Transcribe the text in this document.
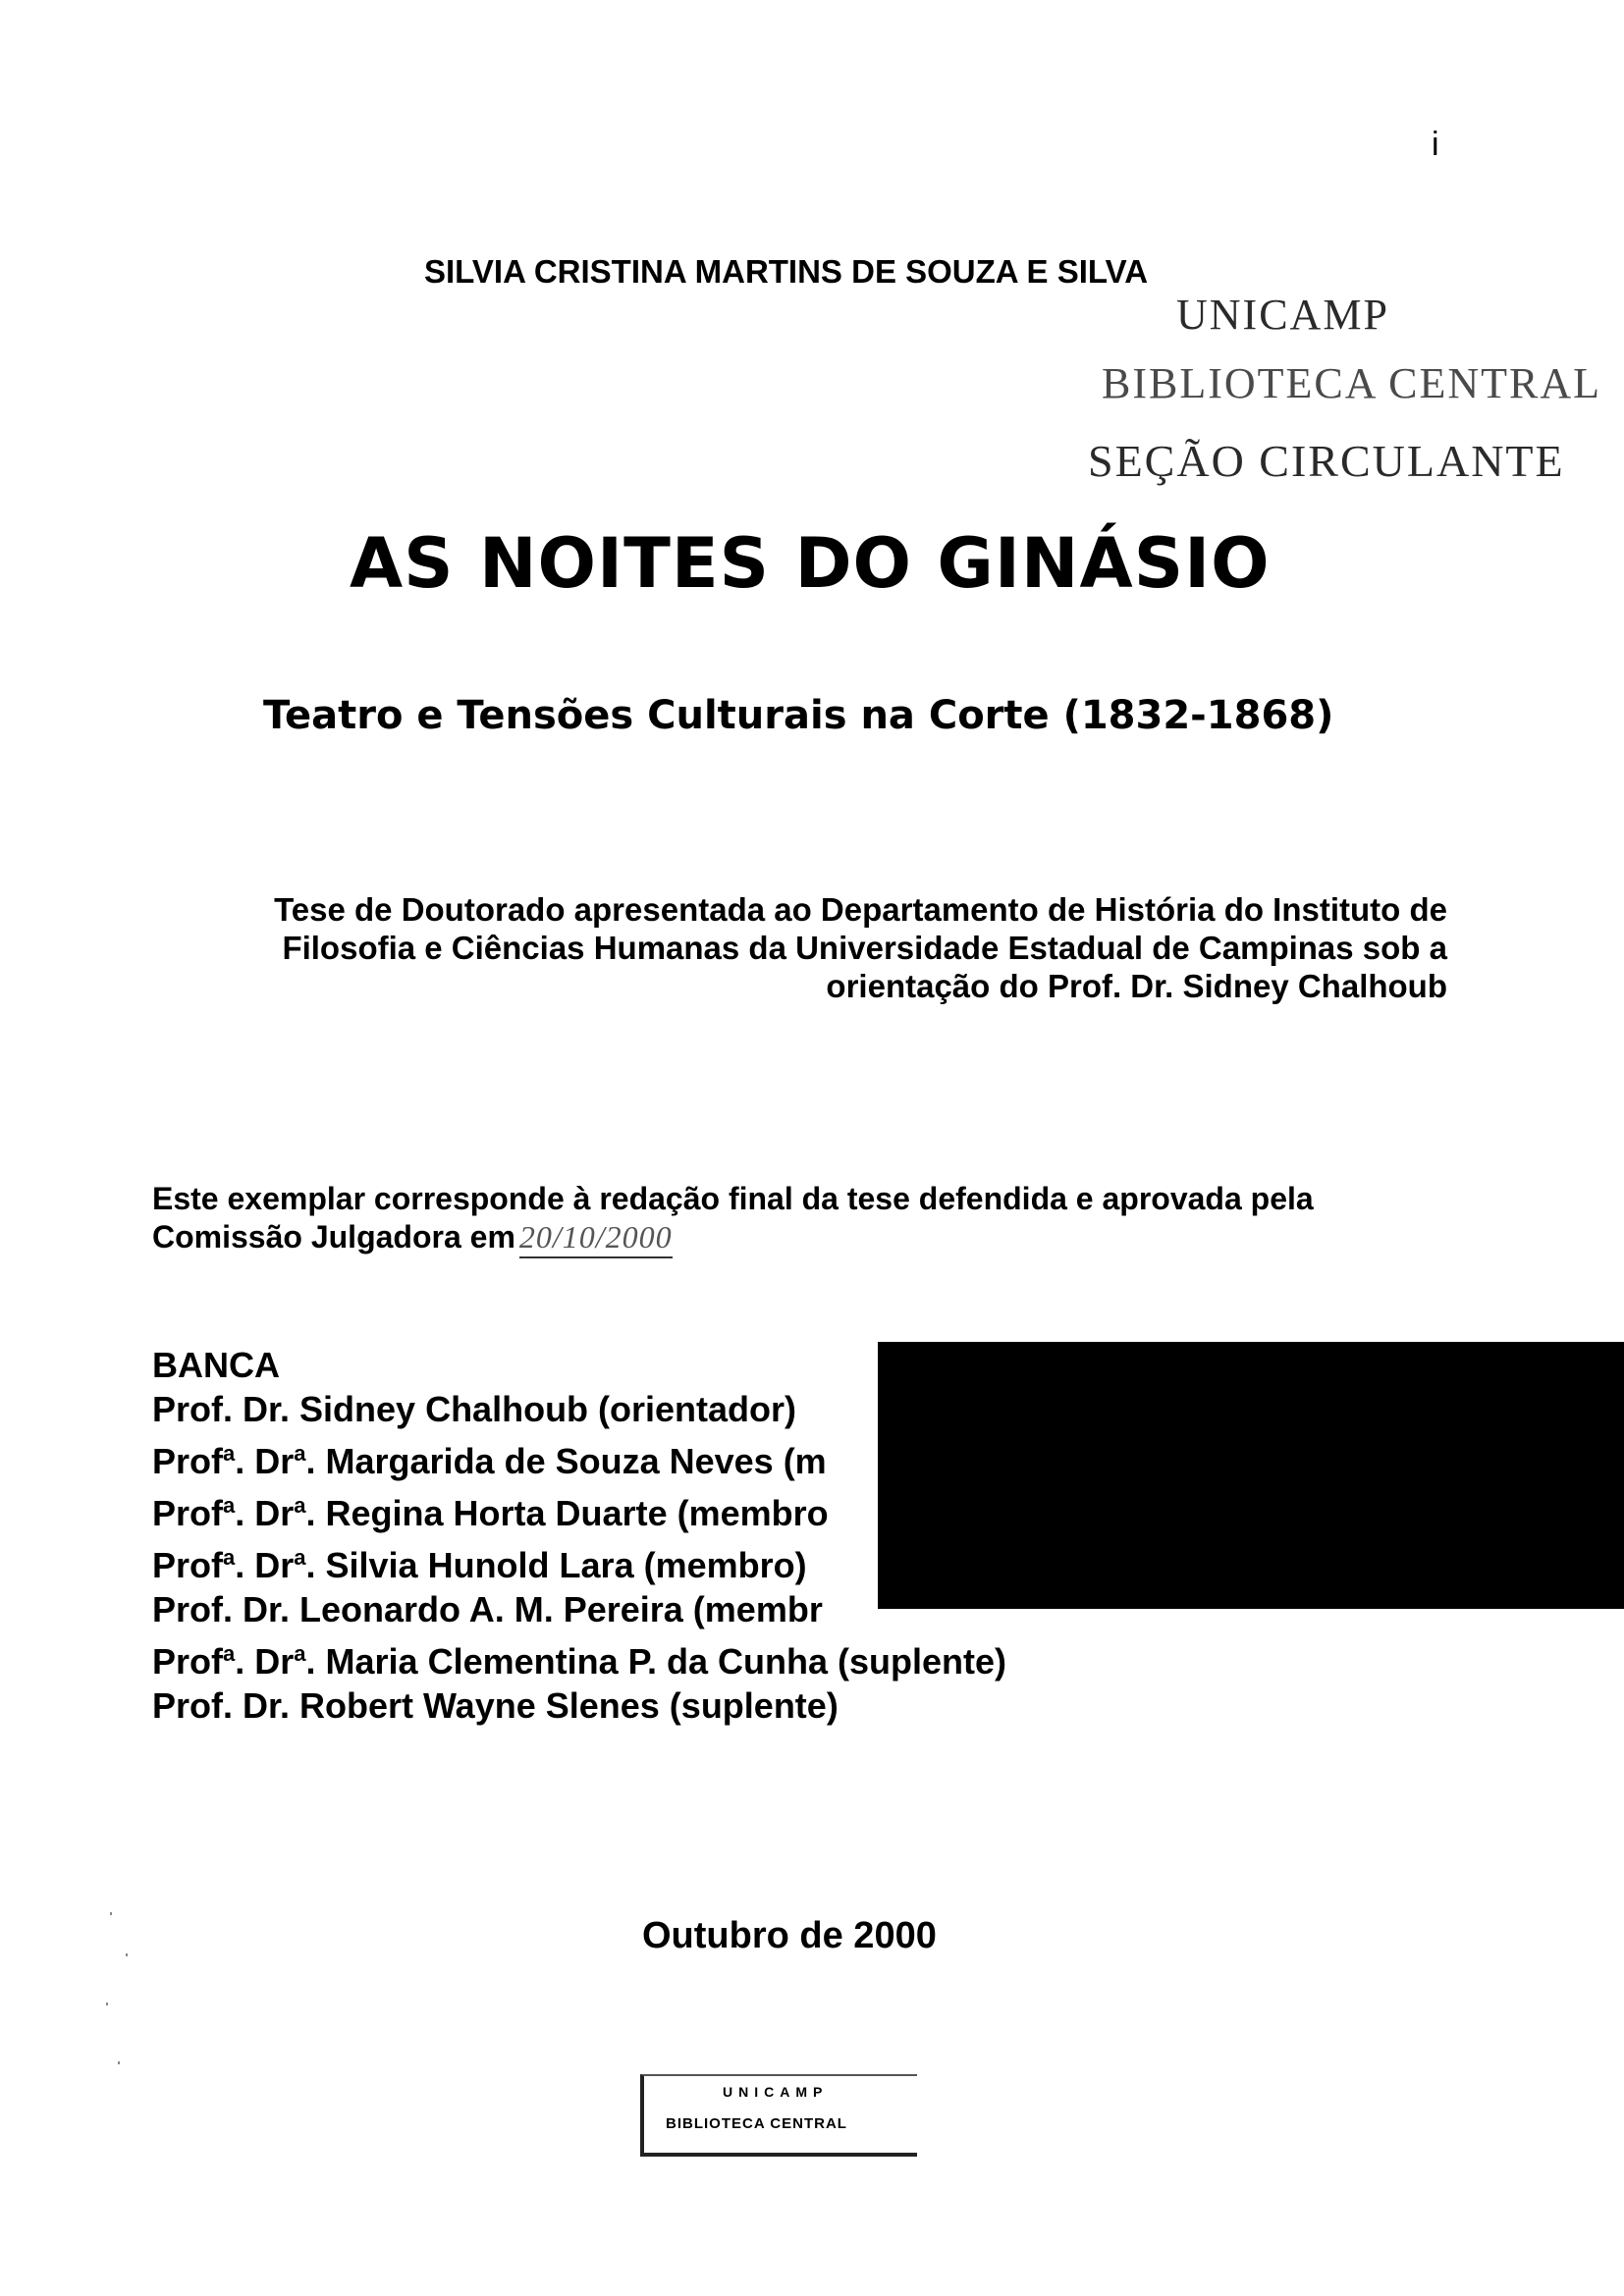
i
SILVIA CRISTINA MARTINS DE SOUZA E SILVA
UNICAMP
BIBLIOTECA CENTRAL
SEÇÃO CIRCULANTE
AS NOITES DO GINÁSIO
Teatro e Tensões Culturais na Corte (1832-1868)
Tese de Doutorado apresentada ao Departamento de História do Instituto de
Filosofia e Ciências Humanas da Universidade Estadual de Campinas sob a
orientação do Prof. Dr. Sidney Chalhoub
Este exemplar corresponde à redação final da tese defendida e aprovada pela
Comissão Julgadora em 20/10/2000
BANCA
Prof. Dr. Sidney Chalhoub (orientador)
Prof$^a$. Dr$^a$. Margarida de Souza Neves (m
Prof$^a$. Dr$^a$. Regina Horta Duarte (membro
Prof$^a$. Dr$^a$. Silvia Hunold Lara (membro)
Prof. Dr. Leonardo A. M. Pereira (membr
Prof$^a$. Dr$^a$. Maria Clementina P. da Cunha (suplente)
Prof. Dr. Robert Wayne Slenes (suplente)
Outubro de 2000
UNICAMP
BIBLIOTECA CENTRAL
